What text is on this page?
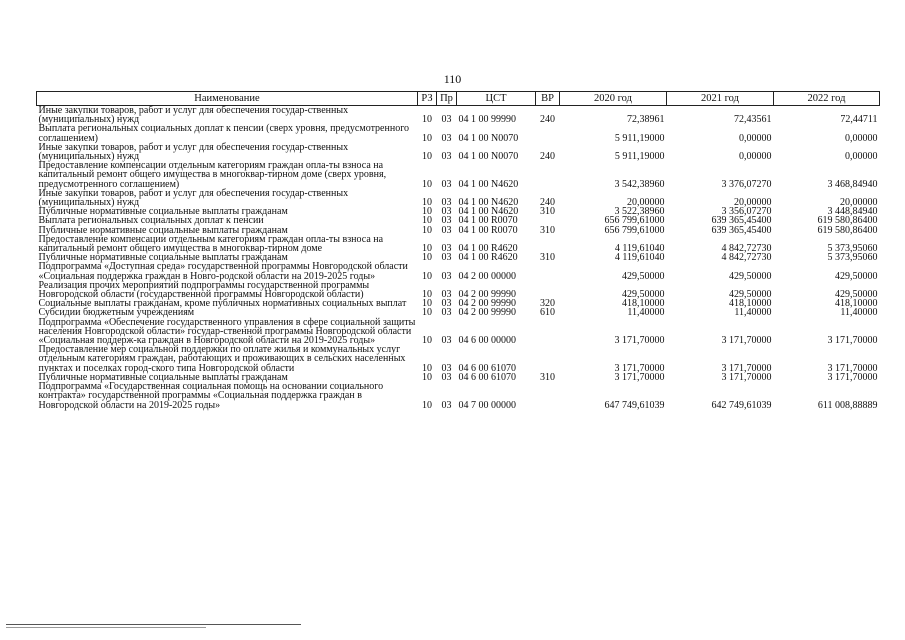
110
Наименование	РЗ	Пр	ЦСТ	ВР	2020 год	2021 год	2022 год
Иные закупки товаров, работ и услуг для обеспечения государ-ственных (муниципальных) нужд	10	03	04 1 00 99990	240	72,38961	72,43561	72,44711
Выплата региональных социальных доплат к пенсии (сверх уровня, предусмотренного соглашением)	10	03	04 1 00 N0070		5 911,19000	0,00000	0,00000
Иные закупки товаров, работ и услуг для обеспечения государ-ственных (муниципальных) нужд	10	03	04 1 00 N0070	240	5 911,19000	0,00000	0,00000
Предоставление компенсации отдельным категориям граждан опла-ты взноса на капитальный ремонт общего имущества в многоквар-тирном доме (сверх уровня, предусмотренного соглашением)	10	03	04 1 00 N4620		3 542,38960	3 376,07270	3 468,84940
Иные закупки товаров, работ и услуг для обеспечения государ-ственных (муниципальных) нужд	10	03	04 1 00 N4620	240	20,00000	20,00000	20,00000
Публичные нормативные социальные выплаты гражданам	10	03	04 1 00 N4620	310	3 522,38960	3 356,07270	3 448,84940
Выплата региональных социальных доплат к пенсии	10	03	04 1 00 R0070		656 799,61000	639 365,45400	619 580,86400
Публичные нормативные социальные выплаты гражданам	10	03	04 1 00 R0070	310	656 799,61000	639 365,45400	619 580,86400
Предоставление компенсации отдельным категориям граждан опла-ты взноса на капитальный ремонт общего имущества в многоквар-тирном доме	10	03	04 1 00 R4620		4 119,61040	4 842,72730	5 373,95060
Публичные нормативные социальные выплаты гражданам	10	03	04 1 00 R4620	310	4 119,61040	4 842,72730	5 373,95060
Подпрограмма «Доступная среда» государственной программы Новгородской области «Социальная поддержка граждан в Новго-родской области на 2019-2025 годы»	10	03	04 2 00 00000		429,50000	429,50000	429,50000
Реализация прочих мероприятий подпрограммы государственной программы Новгородской области (государственной программы Новгородской области)	10	03	04 2 00 99990		429,50000	429,50000	429,50000
Социальные выплаты гражданам, кроме публичных нормативных социальных выплат	10	03	04 2 00 99990	320	418,10000	418,10000	418,10000
Субсидии бюджетным учреждениям	10	03	04 2 00 99990	610	11,40000	11,40000	11,40000
Подпрограмма «Обеспечение государственного управления в сфере социальной защиты населения Новгородской области» государ-ственной программы Новгородской области «Социальная поддерж-ка граждан в Новгородской области на 2019-2025 годы»	10	03	04 6 00 00000		3 171,70000	3 171,70000	3 171,70000
Предоставление мер социальной поддержки по оплате жилья и коммунальных услуг отдельным категориям граждан, работающих и проживающих в сельских населенных пунктах и поселках город-ского типа Новгородской области	10	03	04 6 00 61070		3 171,70000	3 171,70000	3 171,70000
Публичные нормативные социальные выплаты гражданам	10	03	04 6 00 61070	310	3 171,70000	3 171,70000	3 171,70000
Подпрограмма «Государственная социальная помощь на основании социального контракта» государственной программы «Социальная поддержка граждан в Новгородской области на 2019-2025 годы»	10	03	04 7 00 00000		647 749,61039	642 749,61039	611 008,88889
